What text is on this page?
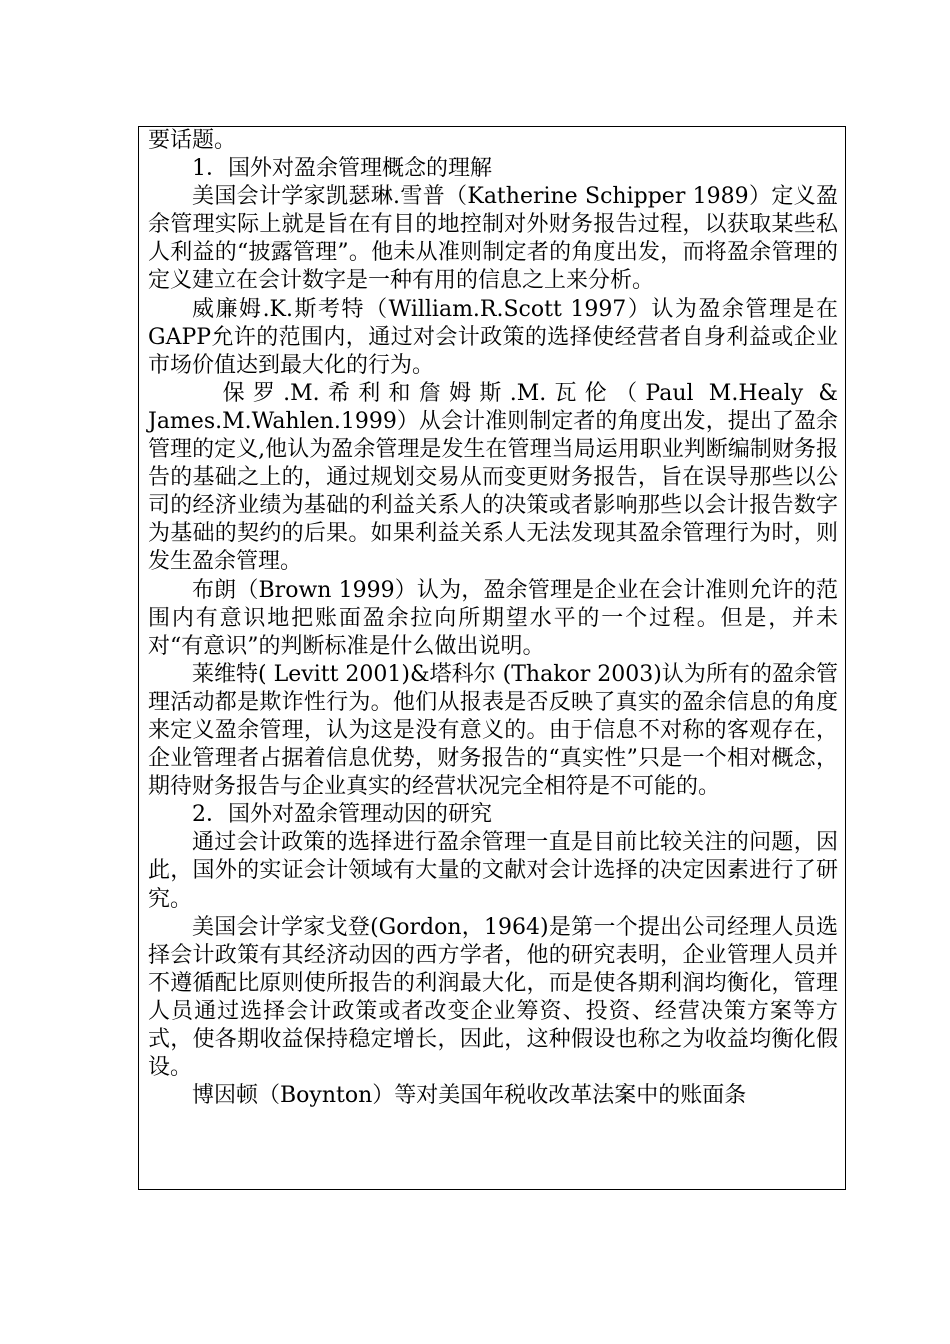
要话题。

1．国外对盈余管理概念的理解

美国会计学家凯瑟琳.雪普（Katherine Schipper 1989）定义盈余管理实际上就是旨在有目的地控制对外财务报告过程，以获取某些私人利益的“披露管理”。他未从准则制定者的角度出发，而将盈余管理的定义建立在会计数字是一种有用的信息之上来分析。

威廉姆.K.斯考特（William.R.Scott 1997）认为盈余管理是在GAPP允许的范围内，通过对会计政策的选择使经营者自身利益或企业市场价值达到最大化的行为。

保罗.M.希利和詹姆斯.M.瓦伦（Paul M.Healy & James.M.Wahlen.1999）从会计准则制定者的角度出发，提出了盈余管理的定义,他认为盈余管理是发生在管理当局运用职业判断编制财务报告的基础之上的，通过规划交易从而变更财务报告，旨在误导那些以公司的经济业绩为基础的利益关系人的决策或者影响那些以会计报告数字为基础的契约的后果。如果利益关系人无法发现其盈余管理行为时，则发生盈余管理。

布朗（Brown 1999）认为，盈余管理是企业在会计准则允许的范围内有意识地把账面盈余拉向所期望水平的一个过程。但是，并未对“有意识”的判断标准是什么做出说明。

莱维特( Levitt 2001)&塔科尔 (Thakor 2003)认为所有的盈余管理活动都是欺诈性行为。他们从报表是否反映了真实的盈余信息的角度来定义盈余管理，认为这是没有意义的。由于信息不对称的客观存在，企业管理者占据着信息优势，财务报告的“真实性”只是一个相对概念，期待财务报告与企业真实的经营状况完全相符是不可能的。

2．国外对盈余管理动因的研究

通过会计政策的选择进行盈余管理一直是目前比较关注的问题，因此，国外的实证会计领域有大量的文献对会计选择的决定因素进行了研究。

美国会计学家戈登(Gordon，1964)是第一个提出公司经理人员选择会计政策有其经济动因的西方学者，他的研究表明，企业管理人员并不遵循配比原则使所报告的利润最大化，而是使各期利润均衡化，管理人员通过选择会计政策或者改变企业筹资、投资、经营决策方案等方式，使各期收益保持稳定增长，因此，这种假设也称之为收益均衡化假设。

博因顿（Boynton）等对美国年税收改革法案中的账面条
